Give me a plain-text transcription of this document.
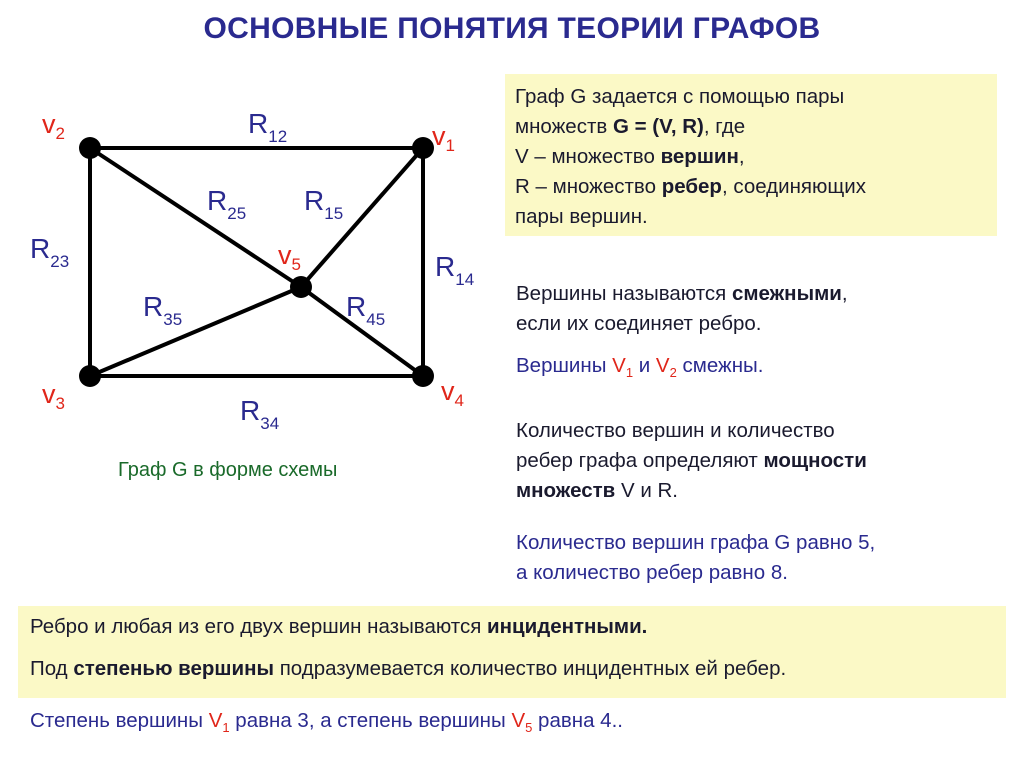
ОСНОВНЫЕ ПОНЯТИЯ ТЕОРИИ ГРАФОВ
$v_1$
$v_2$
$v_3$	$v_4$
$v_5$
$R_{12}$
$R_{23}$	$R_{14}$
$R_{34}$
$R_{25}$ $R_{15}$
$R_{35}$	$R_{45}$
Граф G в форме схемы
Граф G задается с помощью пары
множеств G = (V, R), где
V – множество вершин,
R – множество ребер, соединяющих
пары вершин.
Вершины называются смежными,
если их соединяет ребро.
Вершины $V_1$ и $V_2$ смежны.
Количество вершин и количество
ребер графа определяют мощности
множеств V и R.
Количество вершин графа G равно 5,
а количество ребер равно 8.
Ребро и любая из его двух вершин называются инцидентными.
Под степенью вершины подразумевается количество инцидентных ей ребер.
Степень вершины $V_1$ равна 3, а степень вершины $V_5$ равна 4..
